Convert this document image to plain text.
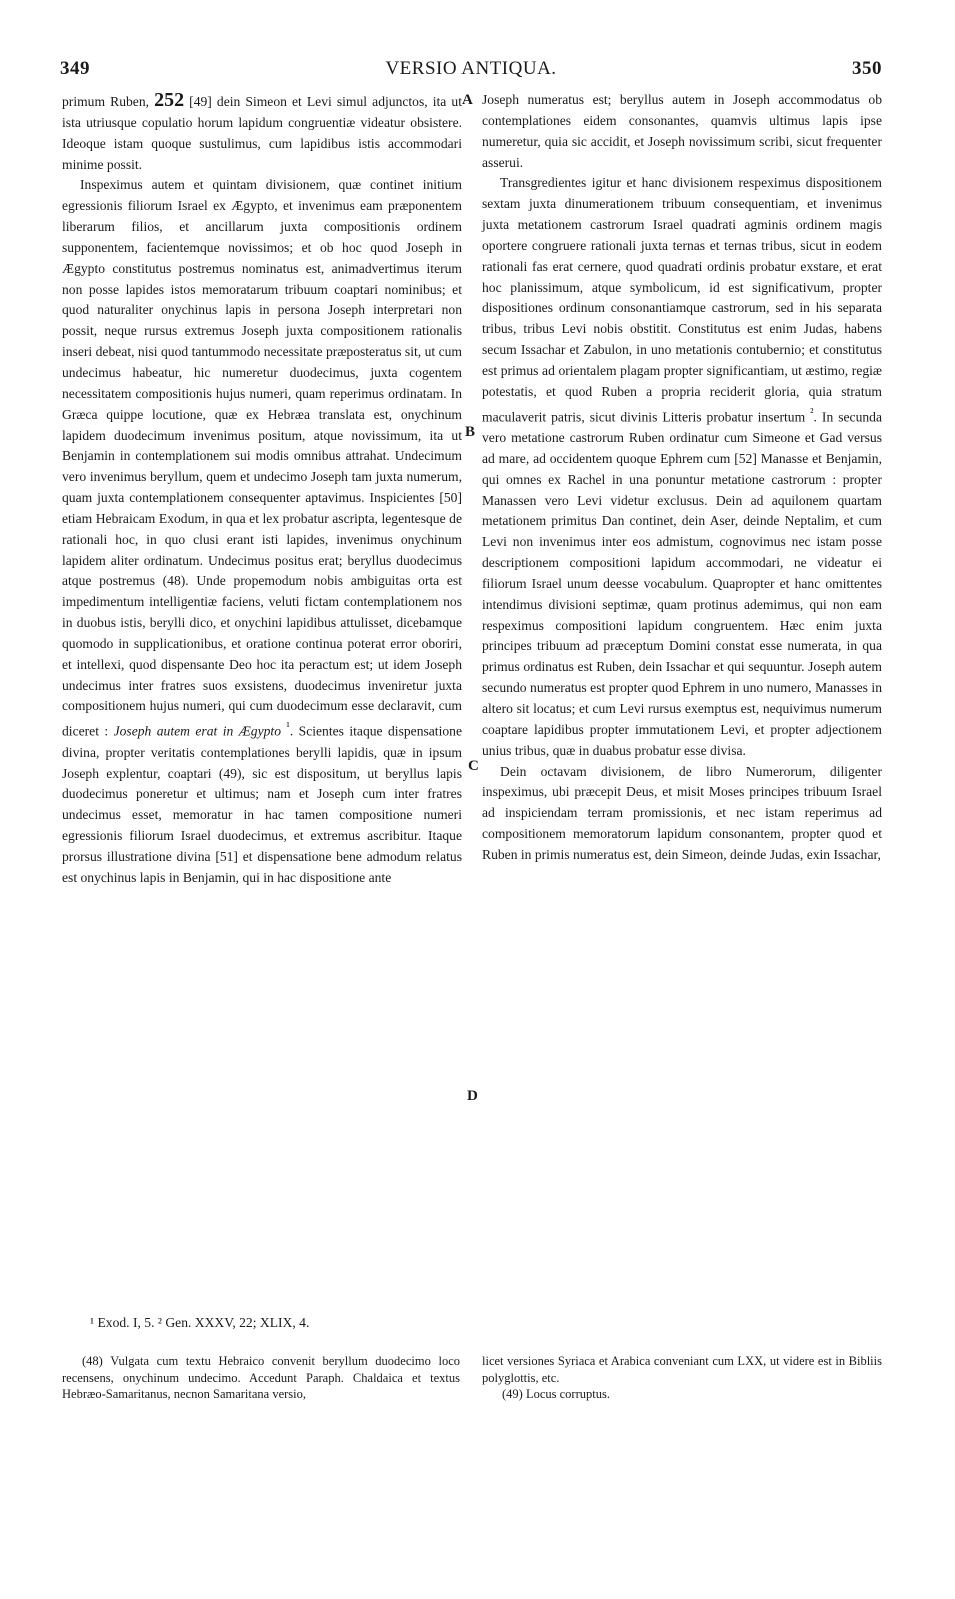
349	VERSIO ANTIQUA.	350

primum Ruben, 252 [49] dein Simeon et Levi simul adjunctos, ita ut ista utriusque copulatio horum lapidum congruentiæ videatur obsistere. Ideoque istam quoque sustulimus, cum lapidibus istis accommodari minime possit.

Inspeximus autem et quintam divisionem, quæ continet initium egressionis filiorum Israel ex Ægypto, et invenimus eam præponentem liberarum filios, et ancillarum juxta compositionis ordinem supponentem, facientemque novissimos; et ob hoc quod Joseph in Ægypto constitutus postremus nominatus est, animadvertimus iterum non posse lapides istos memoratarum tribuum coaptari nominibus; et quod naturaliter onychinus lapis in persona Joseph interpretari non possit, neque rursus extremus Joseph juxta compositionem rationalis inseri debeat, nisi quod tantummodo necessitate præposteratus sit, ut cum undecimus habeatur, hic numeretur duodecimus, juxta cogentem necessitatem compositionis hujus numeri, quam reperimus ordinatam. In Græca quippe locutione, quæ ex Hebræa translata est, onychinum lapidem duodecimum invenimus positum, atque novissimum, ita ut Benjamin in contemplationem sui modis omnibus attrahat. Undecimum vero invenimus beryllum, quem et undecimo Joseph tam juxta numerum, quam juxta contemplationem consequenter aptavimus. Inspicientes [50] etiam Hebraicam Exodum, in qua et lex probatur ascripta, legentesque de rationali hoc, in quo clusi erant isti lapides, invenimus onychinum lapidem aliter ordinatum. Undecimus positus erat; beryllus duodecimus atque postremus (48). Unde propemodum nobis ambiguitas orta est impedimentum intelligentiæ faciens, veluti fictam contemplationem nos in duobus istis, berylli dico, et onychini lapidibus attulisset, dicebamque quomodo in supplicationibus, et oratione continua poterat error oboriri, et intellexi, quod dispensante Deo hoc ita peractum est; ut idem Joseph undecimus inter fratres suos exsistens, duodecimus inveniretur juxta compositionem hujus numeri, qui cum duodecimum esse declaravit, cum diceret : Joseph autem erat in Ægypto $^{^1}$. Scientes itaque dispensatione divina, propter veritatis contemplationes berylli lapidis, quæ in ipsum Joseph explentur, coaptari (49), sic est dispositum, ut beryllus lapis duodecimus poneretur et ultimus; nam et Joseph cum inter fratres undecimus esset, memoratur in hac tamen compositione numeri egressionis filiorum Israel duodecimus, et extremus ascribitur. Itaque prorsus illustratione divina [51] et dispensatione bene admodum relatus est onychinus lapis in Benjamin, qui in hac dispositione ante

A
B
C
D

Joseph numeratus est; beryllus autem in Joseph accommodatus ob contemplationes eidem consonantes, quamvis ultimus lapis ipse numeretur, quia sic accidit, et Joseph novissimum scribi, sicut frequenter asserui.

Transgredientes igitur et hanc divisionem respeximus dispositionem sextam juxta dinumerationem tribuum consequentiam, et invenimus juxta metationem castrorum Israel quadrati agminis ordinem magis oportere congruere rationali juxta ternas et ternas tribus, sicut in eodem rationali fas erat cernere, quod quadrati ordinis probatur exstare, et erat hoc planissimum, atque symbolicum, id est significativum, propter dispositiones ordinum consonantiamque castrorum, sed in his separata tribus, tribus Levi nobis obstitit. Constitutus est enim Judas, habens secum Issachar et Zabulon, in uno metationis contubernio; et constitutus est primus ad orientalem plagam propter significantiam, ut æstimo, regiæ potestatis, et quod Ruben a propria reciderit gloria, quia stratum maculaverit patris, sicut divinis Litteris probatur insertum $^{^2}$. In secunda vero metatione castrorum Ruben ordinatur cum Simeone et Gad versus ad mare, ad occidentem quoque Ephrem cum [52] Manasse et Benjamin, qui omnes ex Rachel in una ponuntur metatione castrorum : propter Manassen vero Levi videtur exclusus. Dein ad aquilonem quartam metationem primitus Dan continet, dein Aser, deinde Neptalim, et cum Levi non invenimus inter eos admistum, cognovimus nec istam posse descriptionem compositioni lapidum accommodari, ne videatur ei filiorum Israel unum deesse vocabulum. Quapropter et hanc omittentes intendimus divisioni septimæ, quam protinus ademimus, qui non eam respeximus compositioni lapidum congruentem. Hæc enim juxta principes tribuum ad præceptum Domini constat esse numerata, in qua primus ordinatus est Ruben, dein Issachar et qui sequuntur. Joseph autem secundo numeratus est propter quod Ephrem in uno numero, Manasses in altero sit locatus; et cum Levi rursus exemptus est, nequivimus numerum coaptare lapidibus propter immutationem Levi, et propter adjectionem unius tribus, quæ in duabus probatur esse divisa.

Dein octavam divisionem, de libro Numerorum, diligenter inspeximus, ubi præcepit Deus, et misit Moses principes tribuum Israel ad inspiciendam terram promissionis, et nec istam reperimus ad compositionem memoratorum lapidum consonantem, propter quod et Ruben in primis numeratus est, dein Simeon, deinde Judas, exin Issachar,

¹ Exod. I, 5. ² Gen. XXXV, 22; XLIX, 4.

(48) Vulgata cum textu Hebraico convenit beryllum duodecimo loco recensens, onychinum undecimo. Accedunt Paraph. Chaldaica et textus Hebræo-Samaritanus, necnon Samaritana versio,

licet versiones Syriaca et Arabica conveniant cum LXX, ut videre est in Bibliis polyglottis, etc.

(49) Locus corruptus.
